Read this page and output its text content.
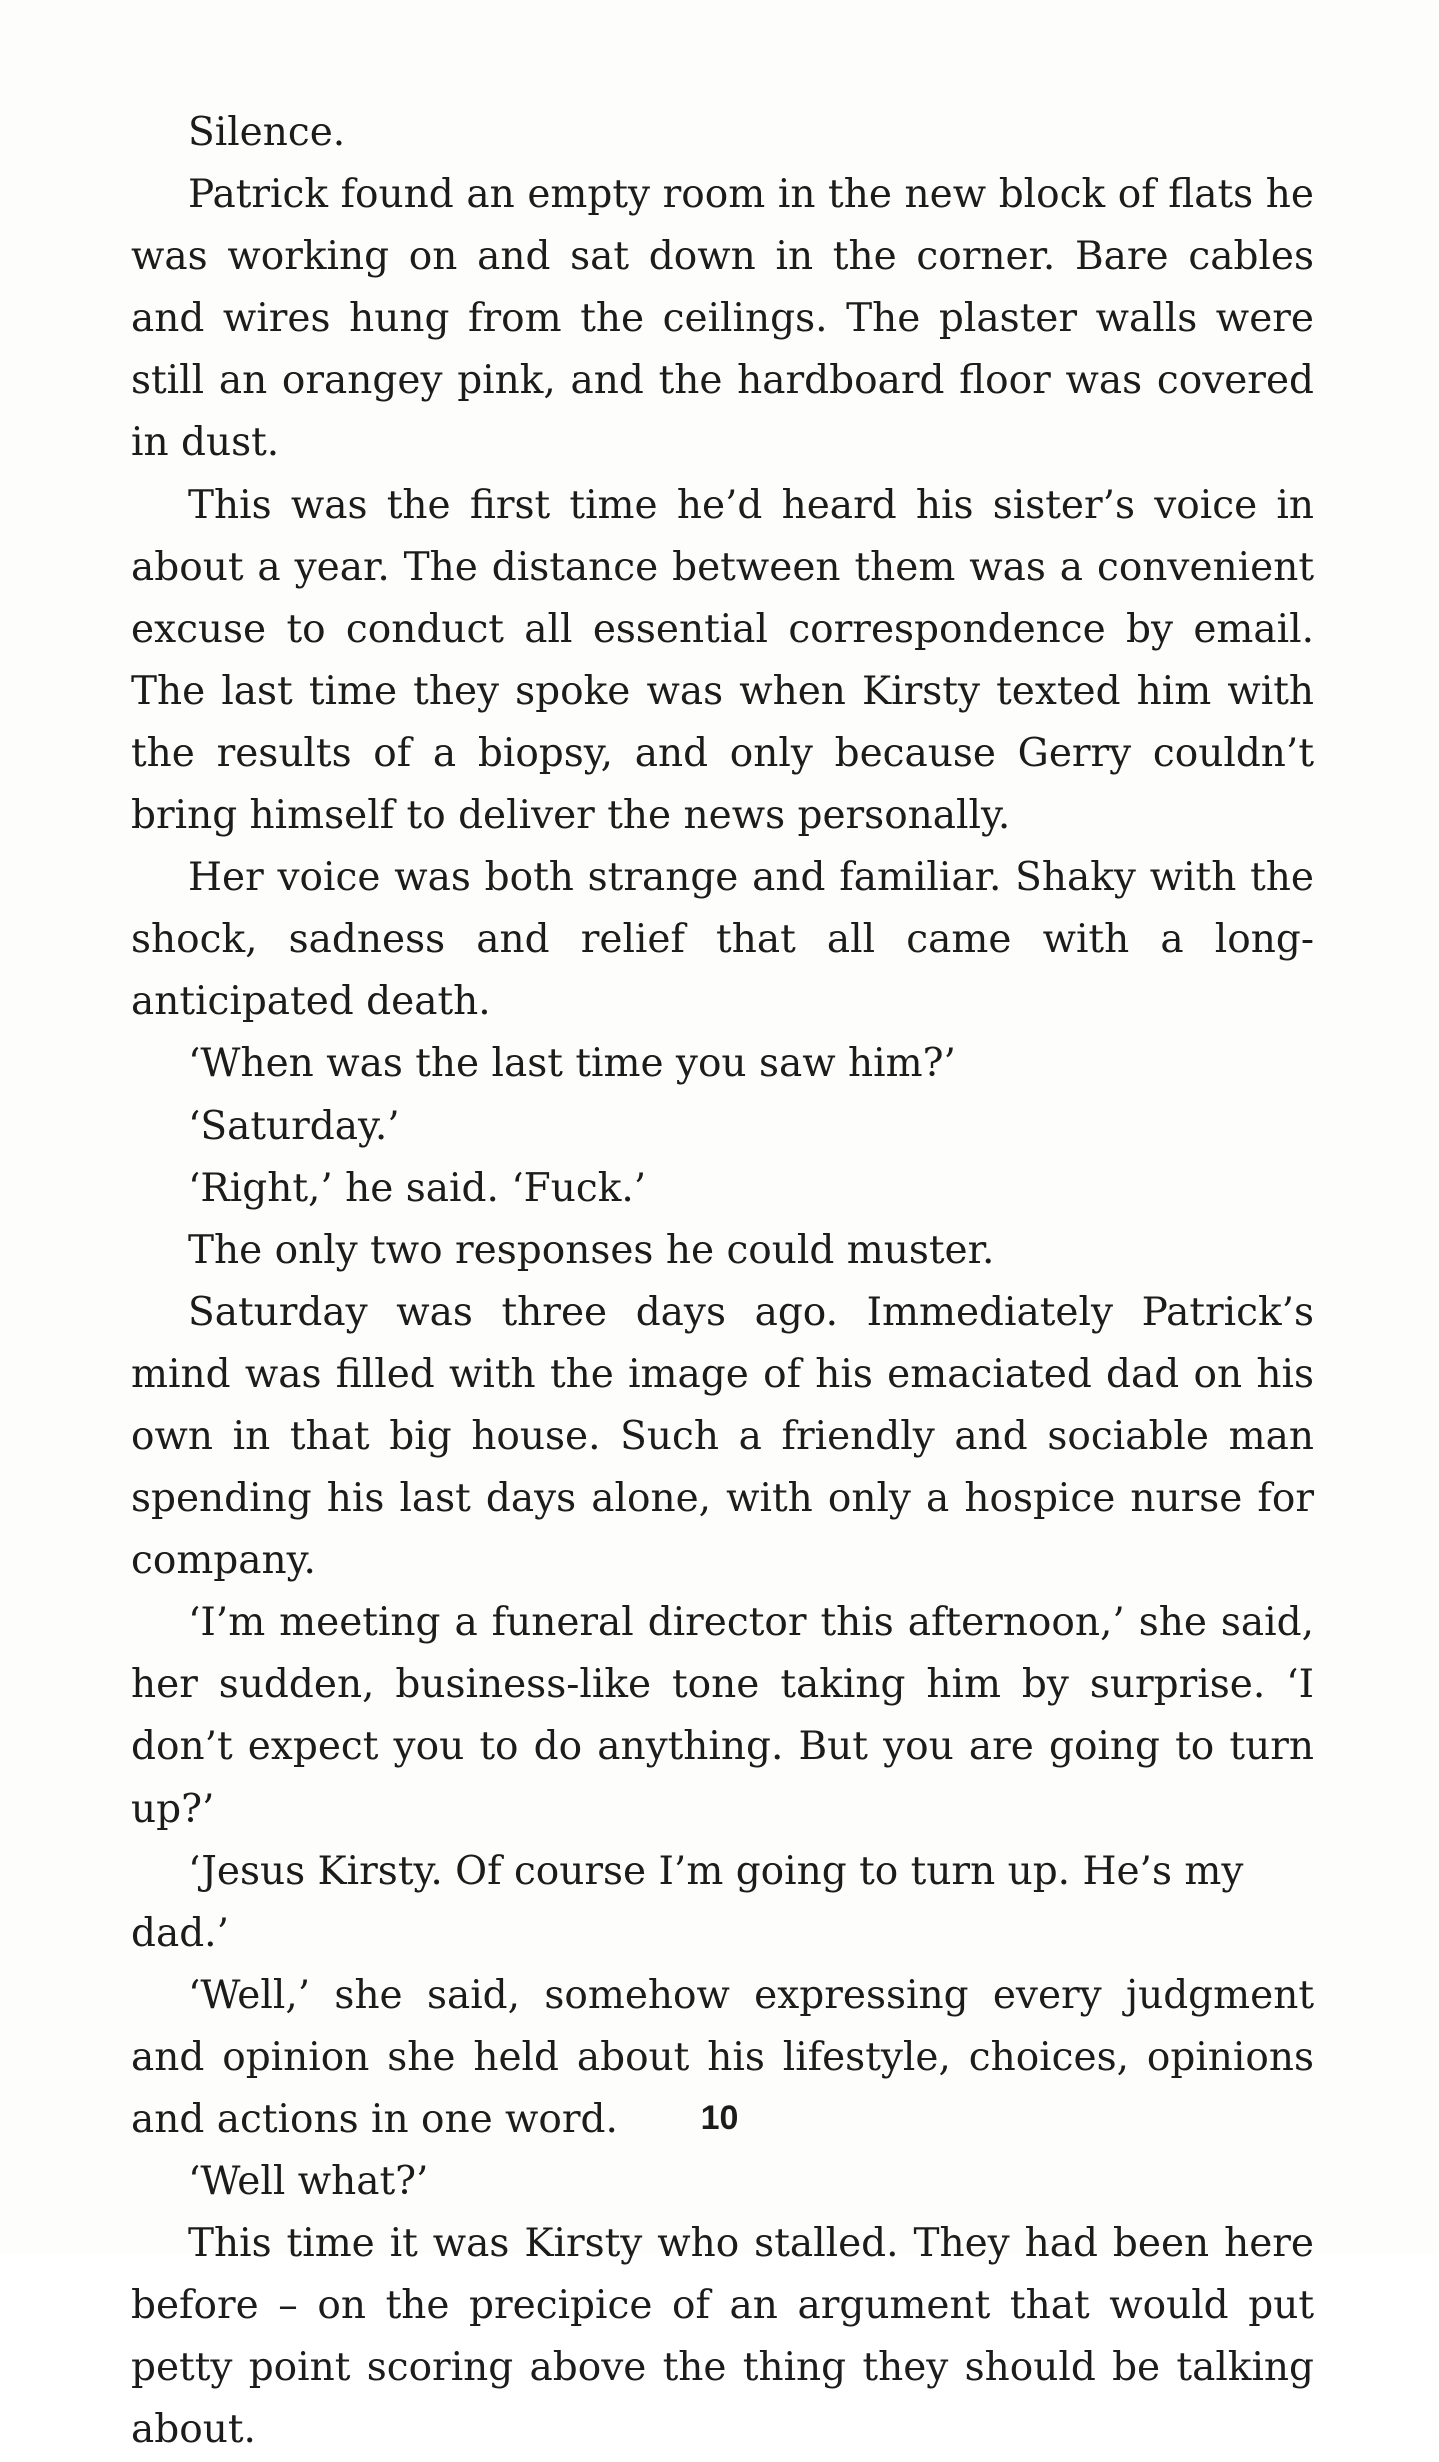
Silence.

Patrick found an empty room in the new block of flats he was working on and sat down in the corner. Bare cables and wires hung from the ceilings. The plaster walls were still an orangey pink, and the hardboard floor was covered in dust.

This was the first time he’d heard his sister’s voice in about a year. The distance between them was a convenient excuse to conduct all essential correspondence by email. The last time they spoke was when Kirsty texted him with the results of a biopsy, and only because Gerry couldn’t bring himself to deliver the news personally.

Her voice was both strange and familiar. Shaky with the shock, sadness and relief that all came with a long-anticipated death.

‘When was the last time you saw him?’

‘Saturday.’

‘Right,’ he said. ‘Fuck.’

The only two responses he could muster.

Saturday was three days ago. Immediately Patrick’s mind was filled with the image of his emaciated dad on his own in that big house. Such a friendly and sociable man spending his last days alone, with only a hospice nurse for company.

‘I’m meeting a funeral director this afternoon,’ she said, her sudden, business-like tone taking him by surprise. ‘I don’t expect you to do anything. But you are going to turn up?’

‘Jesus Kirsty. Of course I’m going to turn up. He’s my dad.’

‘Well,’ she said, somehow expressing every judgment and opinion she held about his lifestyle, choices, opinions and actions in one word.

‘Well what?’

This time it was Kirsty who stalled. They had been here before – on the precipice of an argument that would put petty point scoring above the thing they should be talking about.

10
